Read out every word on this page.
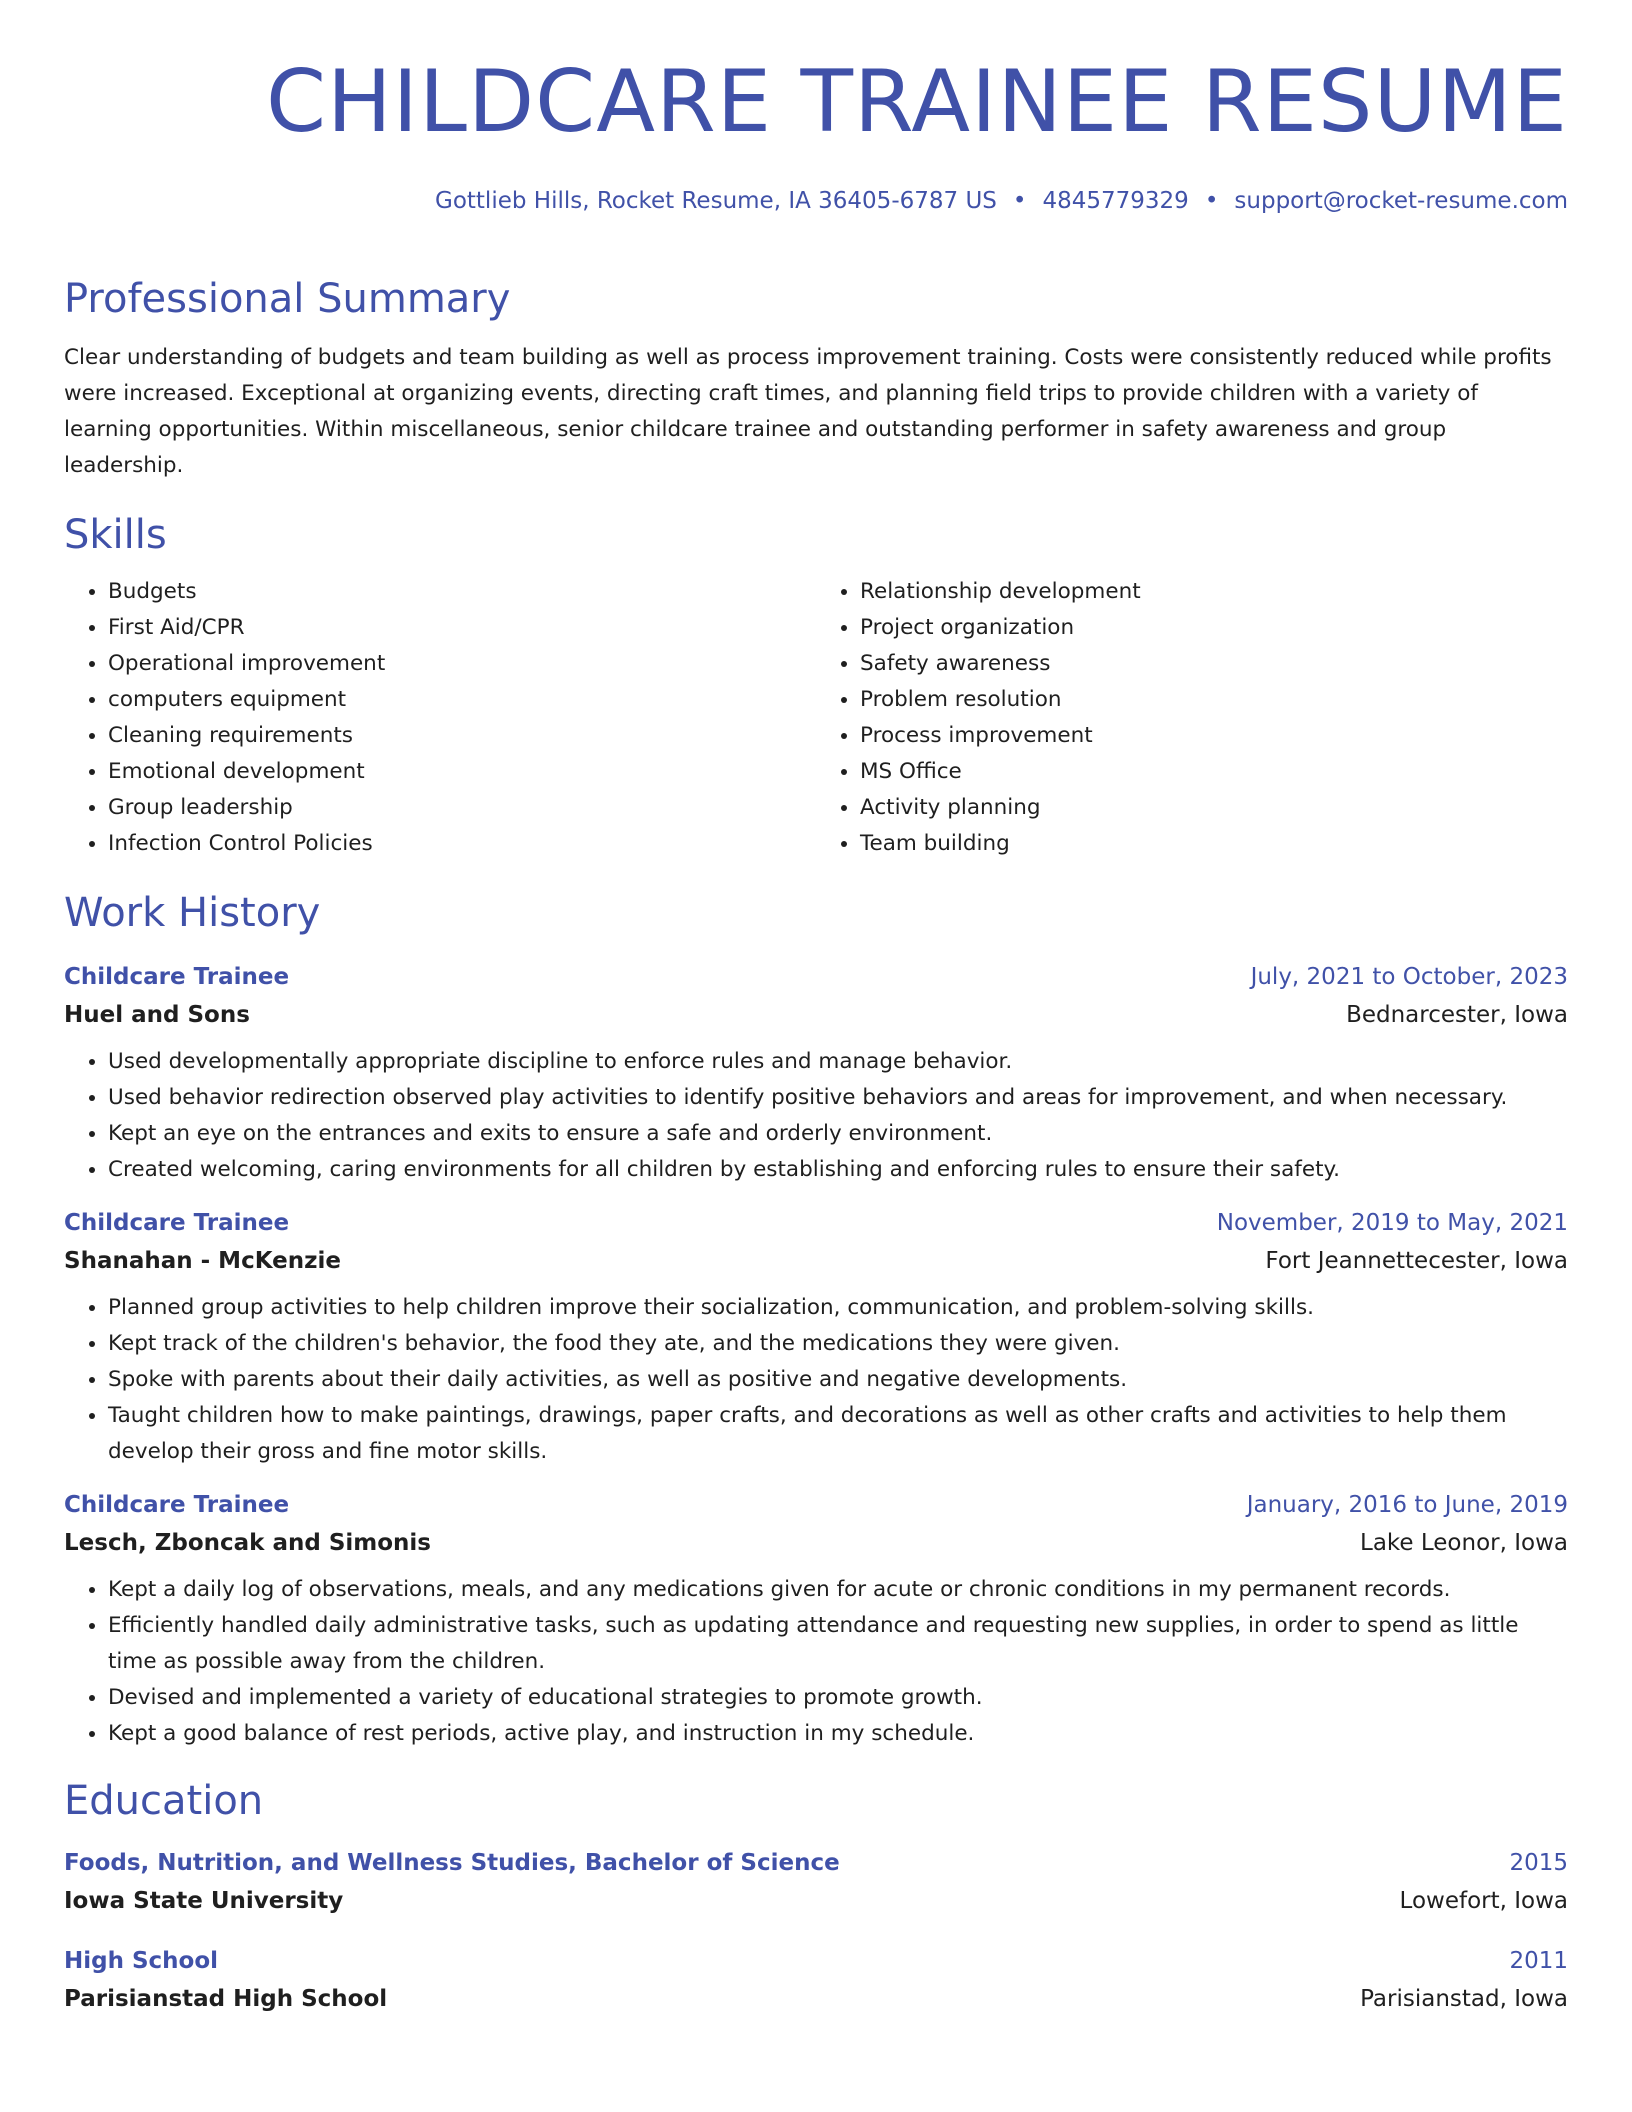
CHILDCARE TRAINEE RESUME
Gottlieb Hills, Rocket Resume, IA 36405-6787 US • 4845779329 • support@rocket-resume.com
Professional Summary
Clear understanding of budgets and team building as well as process improvement training. Costs were consistently reduced while profits were increased. Exceptional at organizing events, directing craft times, and planning field trips to provide children with a variety of learning opportunities. Within miscellaneous, senior childcare trainee and outstanding performer in safety awareness and group leadership.
Skills
• Budgets
• First Aid/CPR
• Operational improvement
• computers equipment
• Cleaning requirements
• Emotional development
• Group leadership
• Infection Control Policies
• Relationship development
• Project organization
• Safety awareness
• Problem resolution
• Process improvement
• MS Office
• Activity planning
• Team building
Work History
Childcare Trainee	July, 2021 to October, 2023
Huel and Sons	Bednarcester, Iowa
• Used developmentally appropriate discipline to enforce rules and manage behavior.
• Used behavior redirection observed play activities to identify positive behaviors and areas for improvement, and when necessary.
• Kept an eye on the entrances and exits to ensure a safe and orderly environment.
• Created welcoming, caring environments for all children by establishing and enforcing rules to ensure their safety.
Childcare Trainee	November, 2019 to May, 2021
Shanahan - McKenzie	Fort Jeannettecester, Iowa
• Planned group activities to help children improve their socialization, communication, and problem-solving skills.
• Kept track of the children's behavior, the food they ate, and the medications they were given.
• Spoke with parents about their daily activities, as well as positive and negative developments.
• Taught children how to make paintings, drawings, paper crafts, and decorations as well as other crafts and activities to help them develop their gross and fine motor skills.
Childcare Trainee	January, 2016 to June, 2019
Lesch, Zboncak and Simonis	Lake Leonor, Iowa
• Kept a daily log of observations, meals, and any medications given for acute or chronic conditions in my permanent records.
• Efficiently handled daily administrative tasks, such as updating attendance and requesting new supplies, in order to spend as little time as possible away from the children.
• Devised and implemented a variety of educational strategies to promote growth.
• Kept a good balance of rest periods, active play, and instruction in my schedule.
Education
Foods, Nutrition, and Wellness Studies, Bachelor of Science	2015
Iowa State University	Lowefort, Iowa
High School	2011
Parisianstad High School	Parisianstad, Iowa
